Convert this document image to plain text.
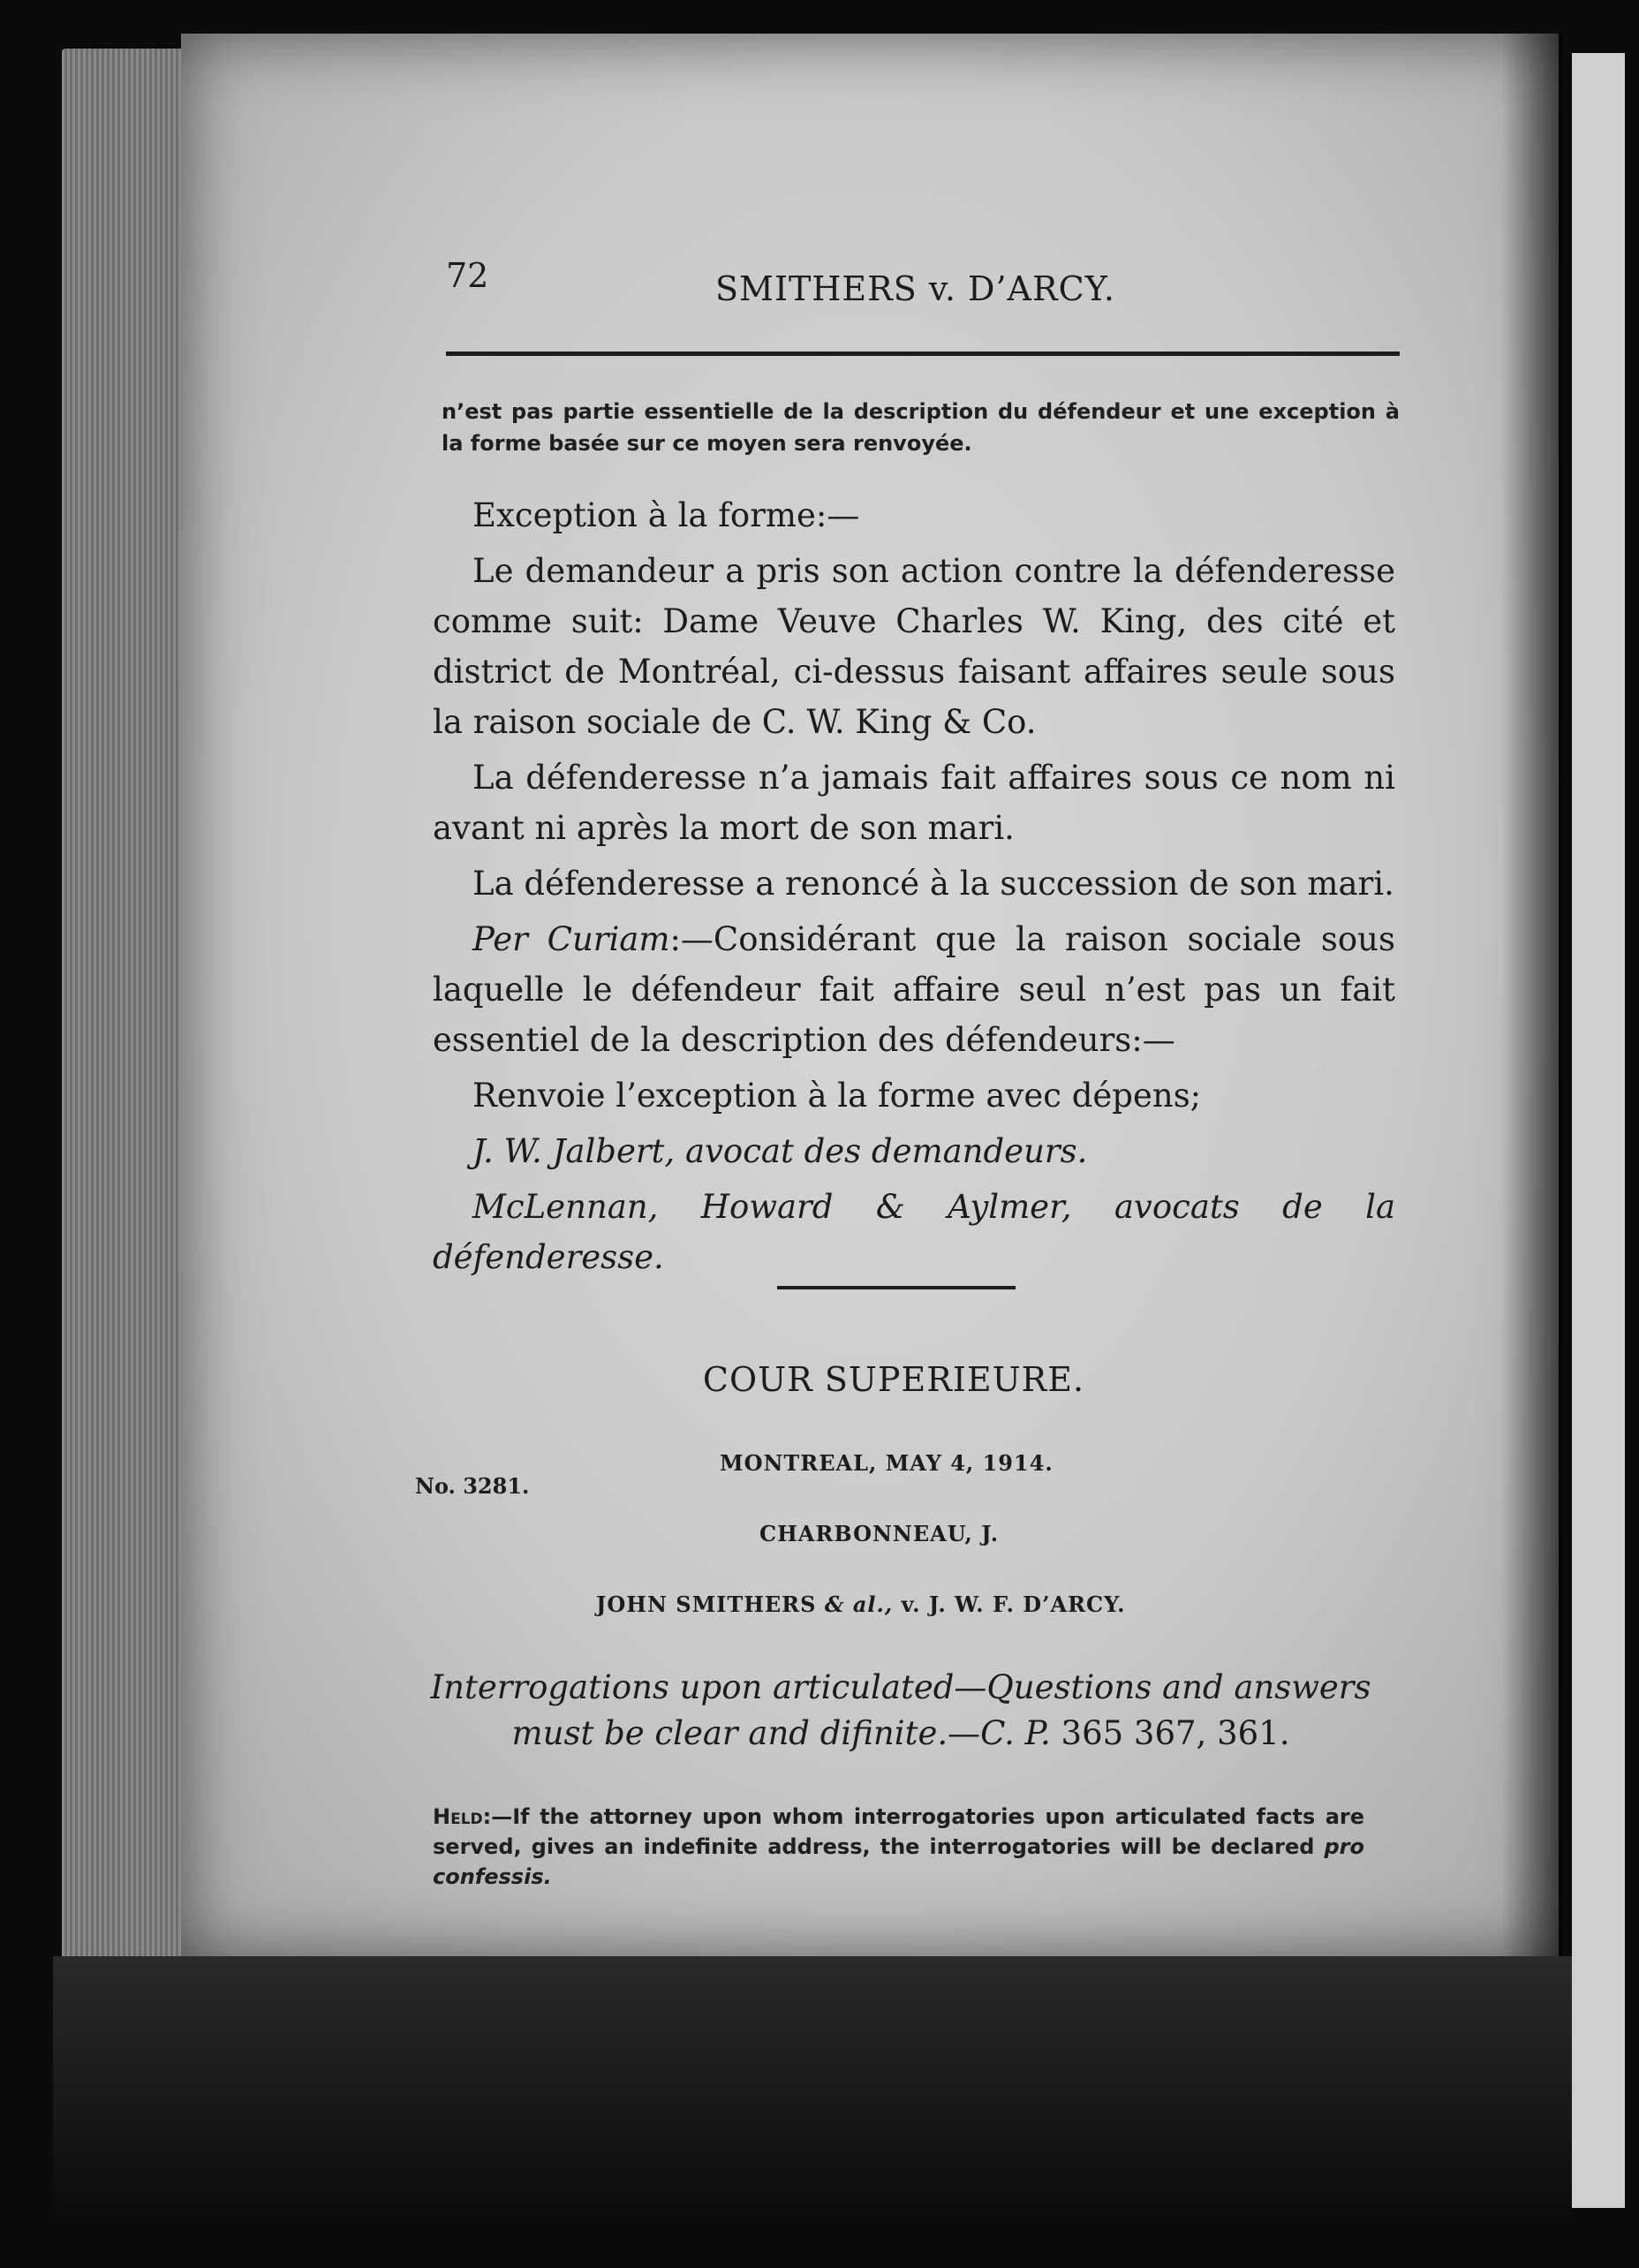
72	SMITHERS v. D’ARCY.
n’est pas partie essentielle de la description du défendeur et une exception à la forme basée sur ce moyen sera renvoyée.

Exception à la forme:—

Le demandeur a pris son action contre la défenderesse comme suit: Dame Veuve Charles W. King, des cité et district de Montréal, ci-dessus faisant affaires seule sous la raison sociale de C. W. King & Co.

La défenderesse n’a jamais fait affaires sous ce nom ni avant ni après la mort de son mari.

La défenderesse a renoncé à la succession de son mari.

Per Curiam:—Considérant que la raison sociale sous laquelle le défendeur fait affaire seul n’est pas un fait essentiel de la description des défendeurs:—

Renvoie l’exception à la forme avec dépens;

J. W. Jalbert, avocat des demandeurs.

McLennan, Howard & Aylmer, avocats de la défenderesse.

COUR SUPERIEURE.
No. 3281.
MONTREAL, MAY 4, 1914.
CHARBONNEAU, J.
JOHN SMITHERS & al., v. J. W. F. D’ARCY.
Interrogations upon articulated—Questions and answers
must be clear and difinite.—C. P. 365 367, 361.
Held:—If the attorney upon whom interrogatories upon articulated facts are served, gives an indefinite address, the interrogatories will be declared pro confessis.
